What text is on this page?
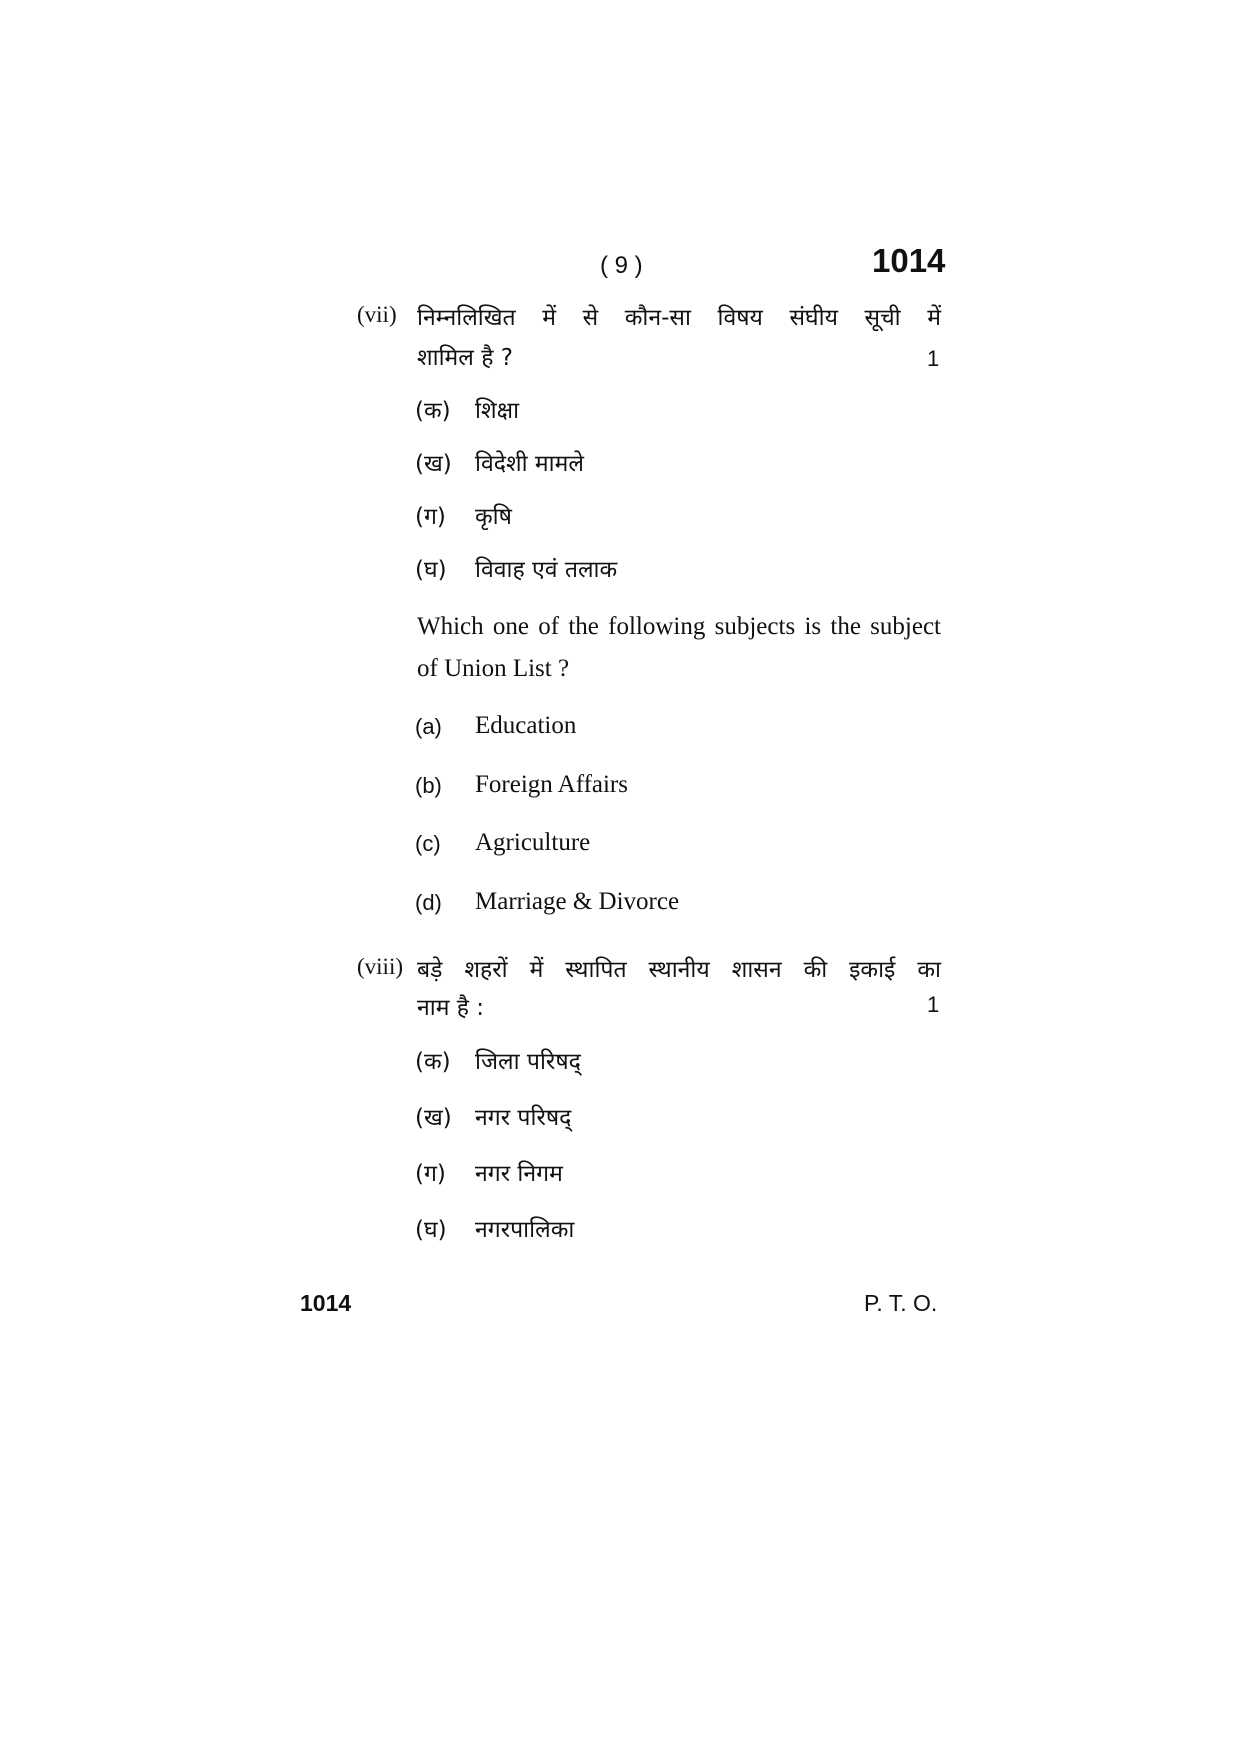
( 9 )	1014
(vii) निम्नलिखित में से कौन-सा विषय संघीय सूची में
शामिल है ?	1
(क) शिक्षा
(ख) विदेशी मामले
(ग) कृषि
(घ) विवाह एवं तलाक
Which one of the following subjects is the subject of Union List ?
(a) Education
(b) Foreign Affairs
(c) Agriculture
(d) Marriage & Divorce
(viii) बड़े शहरों में स्थापित स्थानीय शासन की इकाई का
नाम है :	1
(क) जिला परिषद्
(ख) नगर परिषद्
(ग) नगर निगम
(घ) नगरपालिका
1014	P. T. O.
